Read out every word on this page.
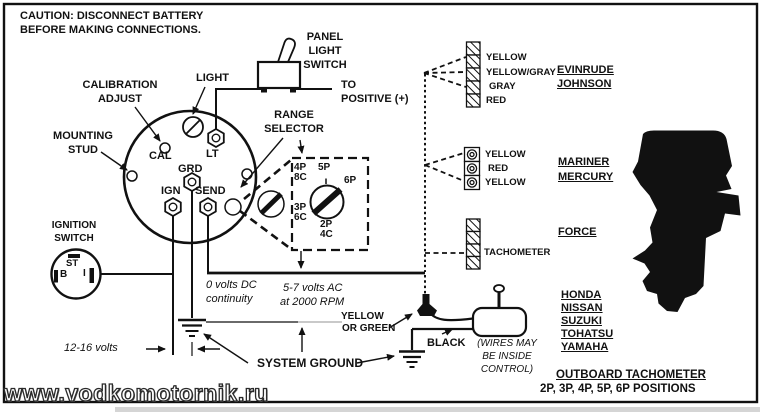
CAUTION: DISCONNECT BATTERY
BEFORE MAKING CONNECTIONS.
CALIBRATION
ADJUST
LIGHT
MOUNTING
STUD	CAL	LT
GRD
IGN SEND
PANEL
LIGHT
SWITCH
TO
POSITIVE (+)
RANGE
SELECTOR
4P
8C
5P
6P
3P
6C
2P
4C
IGNITION
SWITCH
B
ST
I
0 volts DC
continuity
5-7 volts AC
at 2000 RPM
12-16 volts
SYSTEM GROUND
YELLOW
OR GREEN
BLACK	(WIRES MAY
BE INSIDE
CONTROL)
YELLOW
YELLOW/GRAY
GRAY
RED
EVINRUDE
JOHNSON
YELLOW
RED
YELLOW
MARINER
MERCURY
TACHOMETER
FORCE
HONDA
NISSAN
SUZUKI
TOHATSU
YAMAHA
OUTBOARD TACHOMETER
2P, 3P, 4P, 5P, 6P POSITIONS
www.vodkomotornik.ru
